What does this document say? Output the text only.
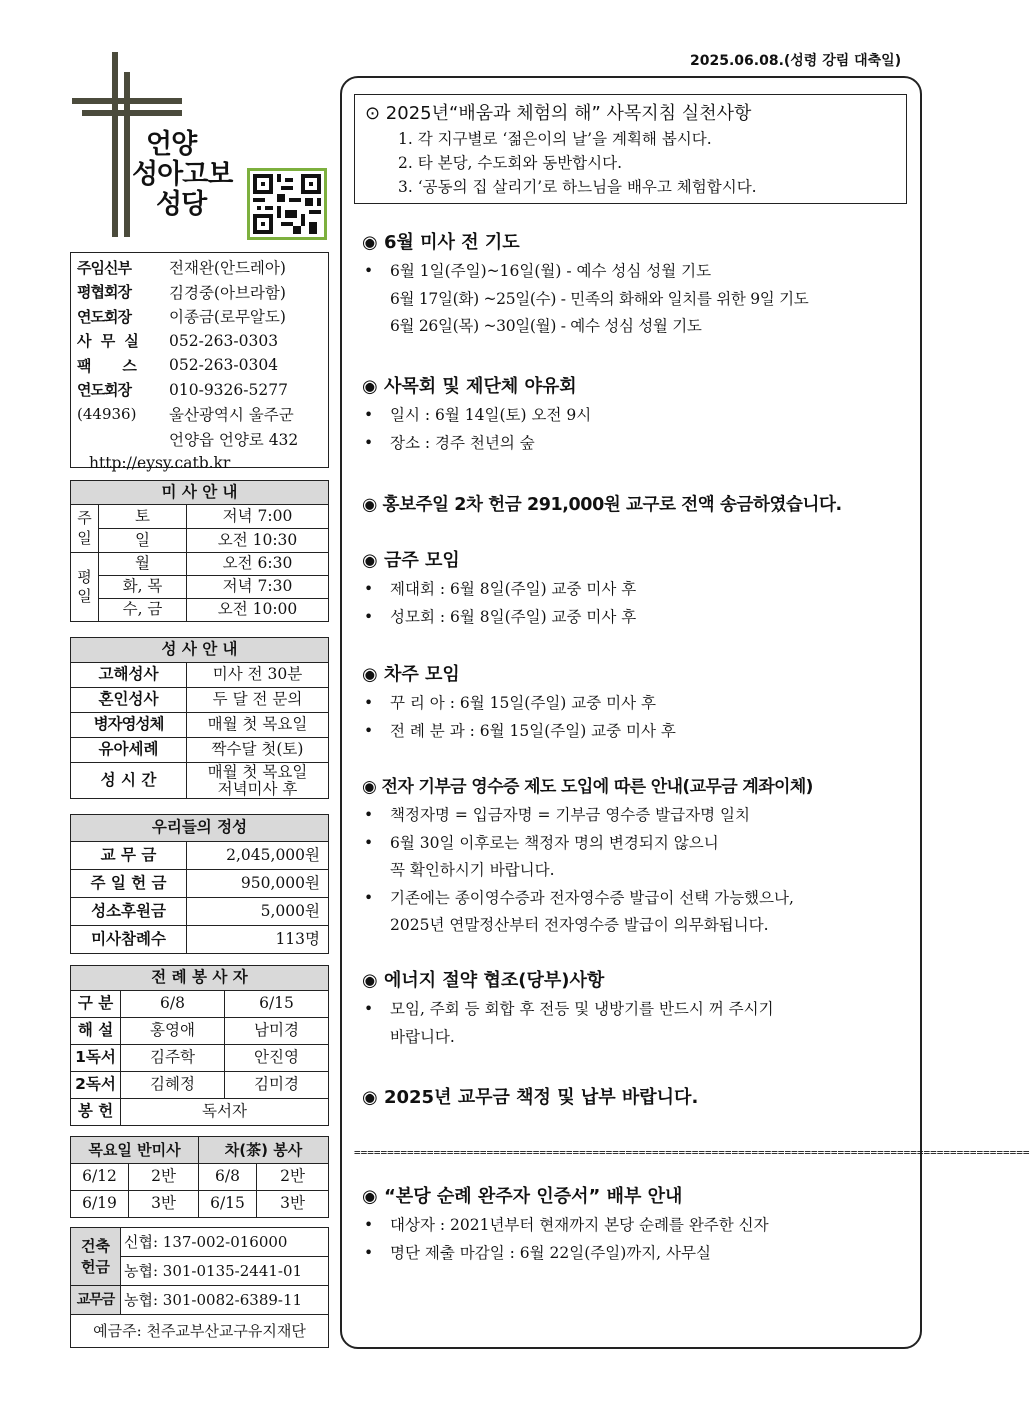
2025.06.08.(성령 강림 대축일)
언양
성아고보
성당
주임신부	전재완(안드레아)
평협회장	김경중(아브라함)
연도회장	이종금(로무알도)
사 무 실	052-263-0303
팩    스	052-263-0304
연도회장	010-9326-5277
(44936)	울산광역시 울주군
언양읍 언양로 432
http://eysy.catb.kr
미 사 안 내		
주일	토	저녁 7:00
	일	오전 10:30
평일	월	오전 6:30
	화, 목	저녁 7:30
	수, 금	오전 10:00
성 사 안 내	
고해성사	미사 전 30분
혼인성사	두 달 전 문의
병자영성체	매월 첫 목요일
유아세례	짝수달 첫(토)
성 시 간	매월 첫 목요일
저녁미사 후
우리들의 정성	
교 무 금	2,045,000원
주 일 헌 금	950,000원
성소후원금	5,000원
미사참례수	113명
전 례 봉 사 자		
구 분	6/8	6/15
해 설	홍영애	남미경
1독서	김주학	안진영
2독서	김혜정	김미경
봉 헌	독서자	
목요일 반미사		차(茶) 봉사	
6/12	2반	6/8	2반
6/19	3반	6/15	3반
건축헌금	신협: 137-002-016000
	농협: 301-0135-2441-01
교무금	농협: 301-0082-6389-11
예금주: 천주교부산교구유지재단	
⊙ 2025년“배움과 체험의 해” 사목지침 실천사항
1. 각 지구별로 ‘젊은이의 날’을 계획해 봅시다.
2. 타 본당, 수도회와 동반합시다.
3. ‘공동의 집 살리기’로 하느님을 배우고 체험합시다.
◉ 6월 미사 전 기도
• 6월 1일(주일)~16일(월) - 예수 성심 성월 기도
6월 17일(화) ~25일(수) - 민족의 화해와 일치를 위한 9일 기도
6월 26일(목) ~30일(월) - 예수 성심 성월 기도
◉ 사목회 및 제단체 야유회
• 일시 : 6월 14일(토) 오전 9시
• 장소 : 경주 천년의 숲
◉ 홍보주일 2차 헌금 291,000원 교구로 전액 송금하였습니다.
◉ 금주 모임
• 제대회 : 6월 8일(주일) 교중 미사 후
• 성모회 : 6월 8일(주일) 교중 미사 후
◉ 차주 모임
• 꾸 리 아 : 6월 15일(주일) 교중 미사 후
• 전 례 분 과 : 6월 15일(주일) 교중 미사 후
◉ 전자 기부금 영수증 제도 도입에 따른 안내(교무금 계좌이체)
• 책정자명 = 입금자명 = 기부금 영수증 발급자명 일치
• 6월 30일 이후로는 책정자 명의 변경되지 않으니
꼭 확인하시기 바랍니다.
• 기존에는 종이영수증과 전자영수증 발급이 선택 가능했으나,
2025년 연말정산부터 전자영수증 발급이 의무화됩니다.
◉ 에너지 절약 협조(당부)사항
• 모임, 주회 등 회합 후 전등 및 냉방기를 반드시 꺼 주시기
바랍니다.
◉ 2025년 교무금 책정 및 납부 바랍니다.
◉ “본당 순례 완주자 인증서” 배부 안내
• 대상자 : 2021년부터 현재까지 본당 순례를 완주한 신자
• 명단 제출 마감일 : 6월 22일(주일)까지, 사무실
======================================================================================================
